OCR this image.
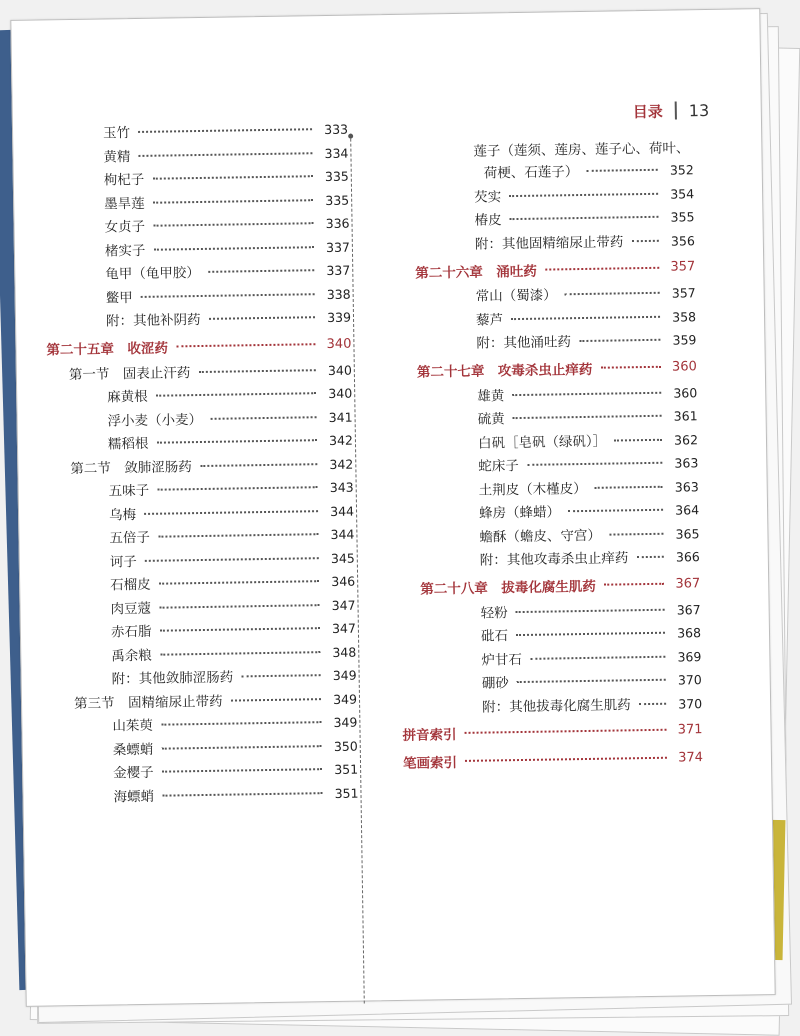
目录 13
玉竹	333
黄精	334
枸杞子	335
墨旱莲	335
女贞子	336
楮实子	337
龟甲（龟甲胶）	337
鳖甲	338
附：其他补阴药	339
第二十五章　收涩药	340
第一节　固表止汗药	340
麻黄根	340
浮小麦（小麦）	341
糯稻根	342
第二节　敛肺涩肠药	342
五味子	343
乌梅	344
五倍子	344
诃子	345
石榴皮	346
肉豆蔻	347
赤石脂	347
禹余粮	348
附：其他敛肺涩肠药	349
第三节　固精缩尿止带药	349
山茱萸	349
桑螵蛸	350
金樱子	351
海螵蛸	351
莲子（莲须、莲房、莲子心、荷叶、
荷梗、石莲子）	352
芡实	354
椿皮	355
附：其他固精缩尿止带药	356
第二十六章　涌吐药	357
常山（蜀漆）	357
藜芦	358
附：其他涌吐药	359
第二十七章　攻毒杀虫止痒药	360
雄黄	360
硫黄	361
白矾［皂矾（绿矾）］	362
蛇床子	363
土荆皮（木槿皮）	363
蜂房（蜂蜡）	364
蟾酥（蟾皮、守宫）	365
附：其他攻毒杀虫止痒药	366
第二十八章　拔毒化腐生肌药	367
轻粉	367
砒石	368
炉甘石	369
硼砂	370
附：其他拔毒化腐生肌药	370
拼音索引	371
笔画索引	374
